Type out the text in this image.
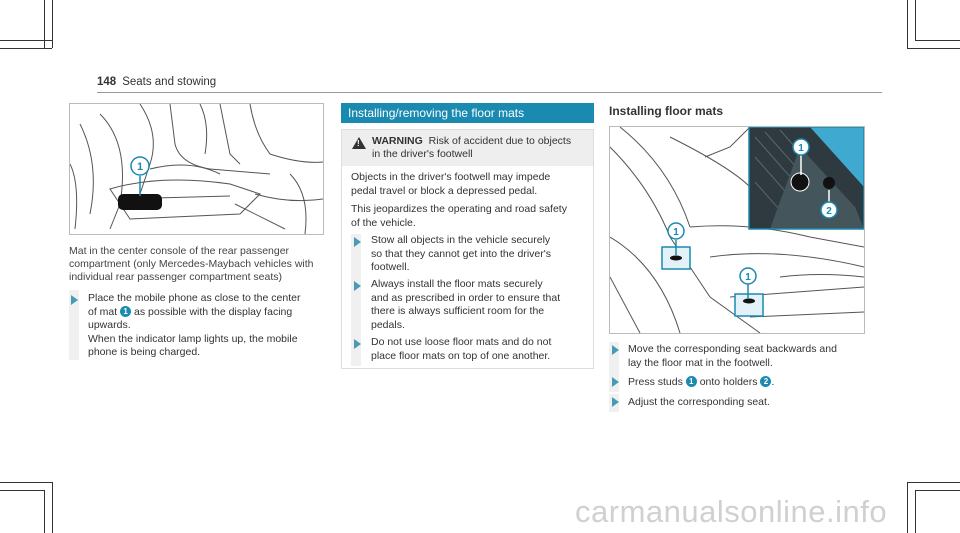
148 Seats and stowing
1
Mat in the center console of the rear passenger
compartment (only Mercedes-Maybach vehicles with
individual rear passenger compartment seats)
Place the mobile phone as close to the center
of mat 1 as possible with the display facing
upwards.
When the indicator lamp lights up, the mobile
phone is being charged.
Installing/removing the floor mats
! WARNING Risk of accident due to objects
in the driver's footwell
Objects in the driver's footwell may impede
pedal travel or block a depressed pedal.
This jeopardizes the operating and road safety
of the vehicle.
Stow all objects in the vehicle securely
so that they cannot get into the driver's
footwell.
Always install the floor mats securely
and as prescribed in order to ensure that
there is always sufficient room for the
pedals.
Do not use loose floor mats and do not
place floor mats on top of one another.
Installing floor mats
1
2
1
1
Move the corresponding seat backwards and
lay the floor mat in the footwell.
Press studs 1 onto holders 2 .
Adjust the corresponding seat.
carmanualsonline.info
